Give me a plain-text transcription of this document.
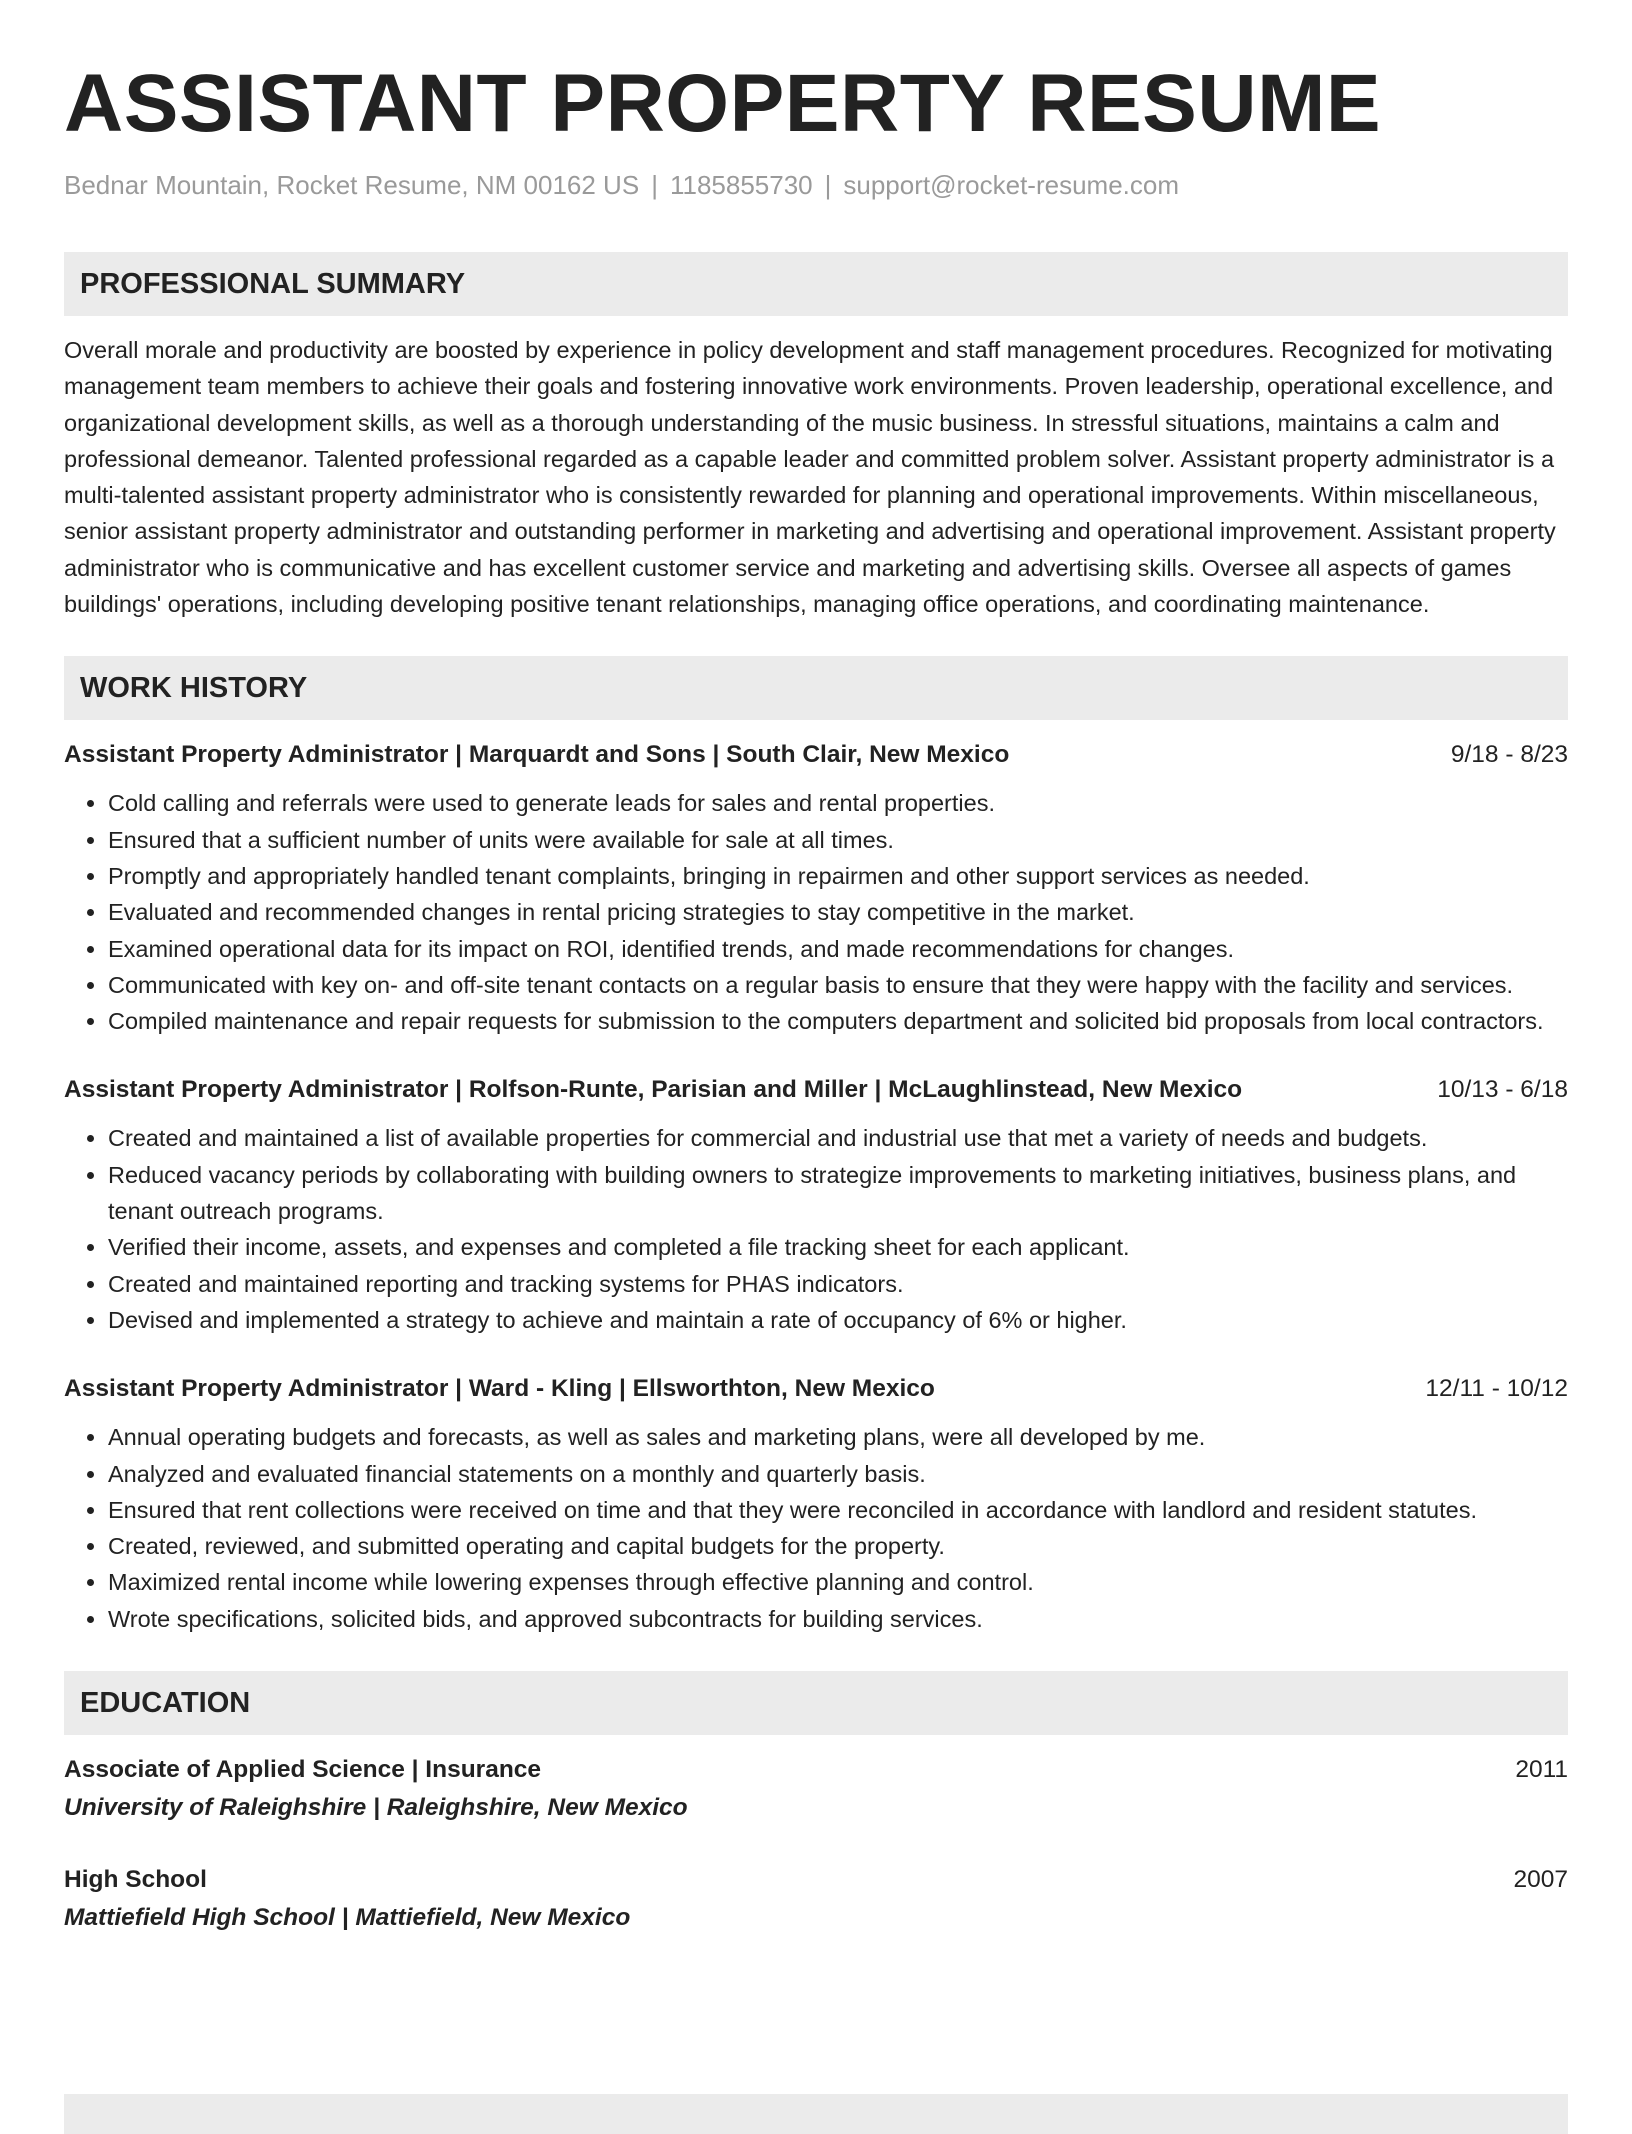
ASSISTANT PROPERTY RESUME
Bednar Mountain, Rocket Resume, NM 00162 US | 1185855730 | support@rocket-resume.com
PROFESSIONAL SUMMARY
Overall morale and productivity are boosted by experience in policy development and staff management procedures. Recognized for motivating management team members to achieve their goals and fostering innovative work environments. Proven leadership, operational excellence, and organizational development skills, as well as a thorough understanding of the music business. In stressful situations, maintains a calm and professional demeanor. Talented professional regarded as a capable leader and committed problem solver. Assistant property administrator is a multi-talented assistant property administrator who is consistently rewarded for planning and operational improvements. Within miscellaneous, senior assistant property administrator and outstanding performer in marketing and advertising and operational improvement. Assistant property administrator who is communicative and has excellent customer service and marketing and advertising skills. Oversee all aspects of games buildings' operations, including developing positive tenant relationships, managing office operations, and coordinating maintenance.
WORK HISTORY
Assistant Property Administrator | Marquardt and Sons | South Clair, New Mexico	9/18 - 8/23
• Cold calling and referrals were used to generate leads for sales and rental properties.
• Ensured that a sufficient number of units were available for sale at all times.
• Promptly and appropriately handled tenant complaints, bringing in repairmen and other support services as needed.
• Evaluated and recommended changes in rental pricing strategies to stay competitive in the market.
• Examined operational data for its impact on ROI, identified trends, and made recommendations for changes.
• Communicated with key on- and off-site tenant contacts on a regular basis to ensure that they were happy with the facility and services.
• Compiled maintenance and repair requests for submission to the computers department and solicited bid proposals from local contractors.
Assistant Property Administrator | Rolfson-Runte, Parisian and Miller | McLaughlinstead, New Mexico	10/13 - 6/18
• Created and maintained a list of available properties for commercial and industrial use that met a variety of needs and budgets.
• Reduced vacancy periods by collaborating with building owners to strategize improvements to marketing initiatives, business plans, and tenant outreach programs.
• Verified their income, assets, and expenses and completed a file tracking sheet for each applicant.
• Created and maintained reporting and tracking systems for PHAS indicators.
• Devised and implemented a strategy to achieve and maintain a rate of occupancy of 6% or higher.
Assistant Property Administrator | Ward - Kling | Ellsworthton, New Mexico	12/11 - 10/12
• Annual operating budgets and forecasts, as well as sales and marketing plans, were all developed by me.
• Analyzed and evaluated financial statements on a monthly and quarterly basis.
• Ensured that rent collections were received on time and that they were reconciled in accordance with landlord and resident statutes.
• Created, reviewed, and submitted operating and capital budgets for the property.
• Maximized rental income while lowering expenses through effective planning and control.
• Wrote specifications, solicited bids, and approved subcontracts for building services.
EDUCATION
Associate of Applied Science | Insurance	2011
University of Raleighshire | Raleighshire, New Mexico
High School	2007
Mattiefield High School | Mattiefield, New Mexico
